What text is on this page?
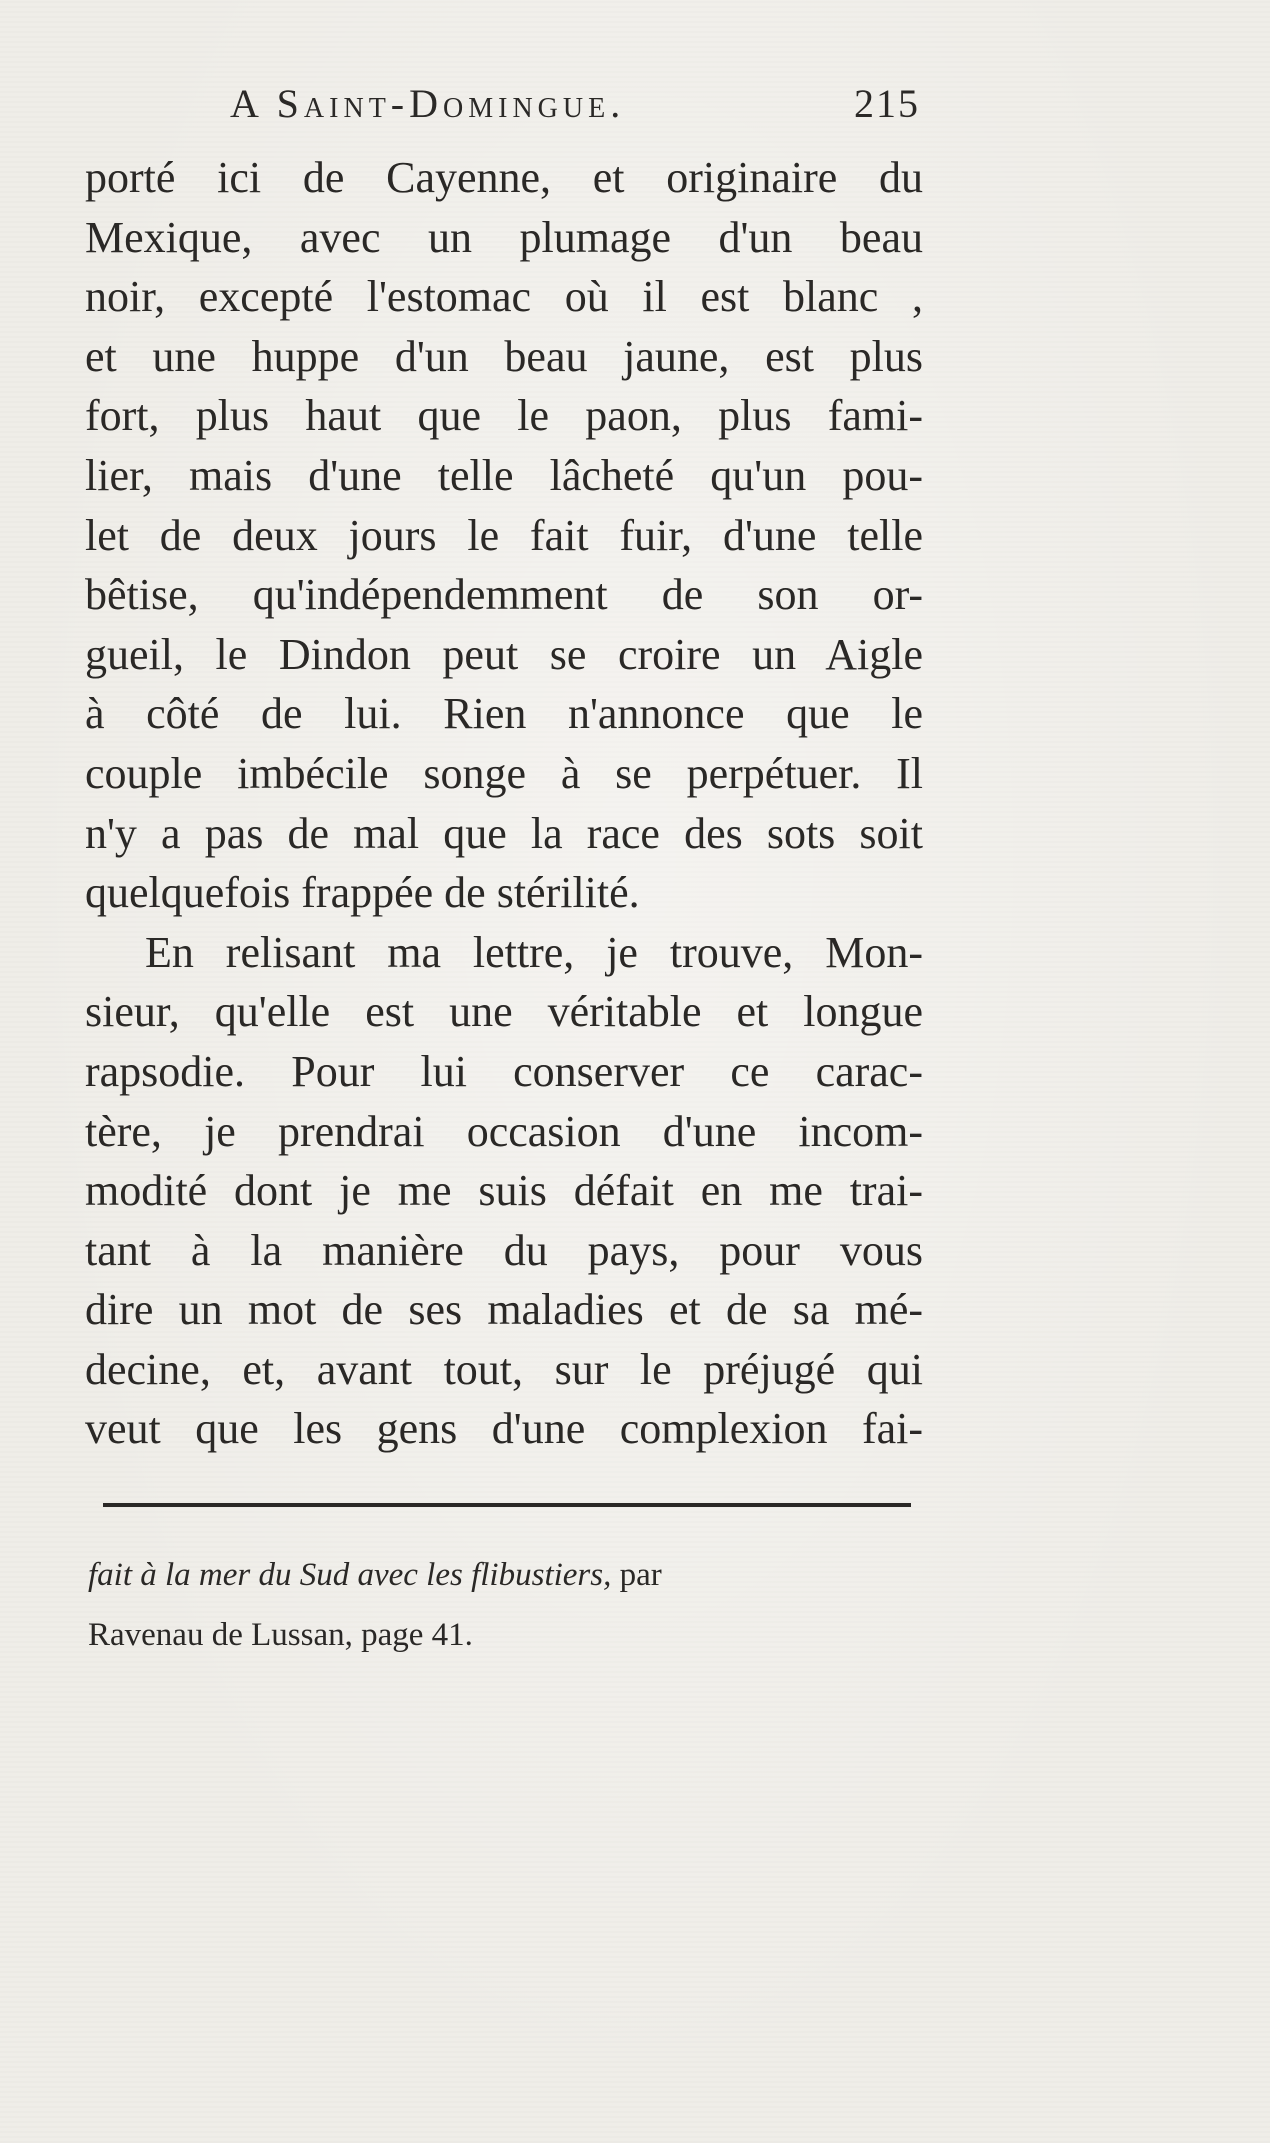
A Saint-Domingue.	215
porté ici de Cayenne, et originaire du
Mexique, avec un plumage d'un beau
noir, excepté l'estomac où il est blanc ,
et une huppe d'un beau jaune, est plus
fort, plus haut que le paon, plus fami-
lier, mais d'une telle lâcheté qu'un pou-
let de deux jours le fait fuir, d'une telle
bêtise, qu'indépendemment de son or-
gueil, le Dindon peut se croire un Aigle
à côté de lui. Rien n'annonce que le
couple imbécile songe à se perpétuer. Il
n'y a pas de mal que la race des sots soit
quelquefois frappée de stérilité.
En relisant ma lettre, je trouve, Mon-
sieur, qu'elle est une véritable et longue
rapsodie. Pour lui conserver ce carac-
tère, je prendrai occasion d'une incom-
modité dont je me suis défait en me trai-
tant à la manière du pays, pour vous
dire un mot de ses maladies et de sa mé-
decine, et, avant tout, sur le préjugé qui
veut que les gens d'une complexion fai-
fait à la mer du Sud avec les flibustiers, par
Ravenau de Lussan, page 41.
